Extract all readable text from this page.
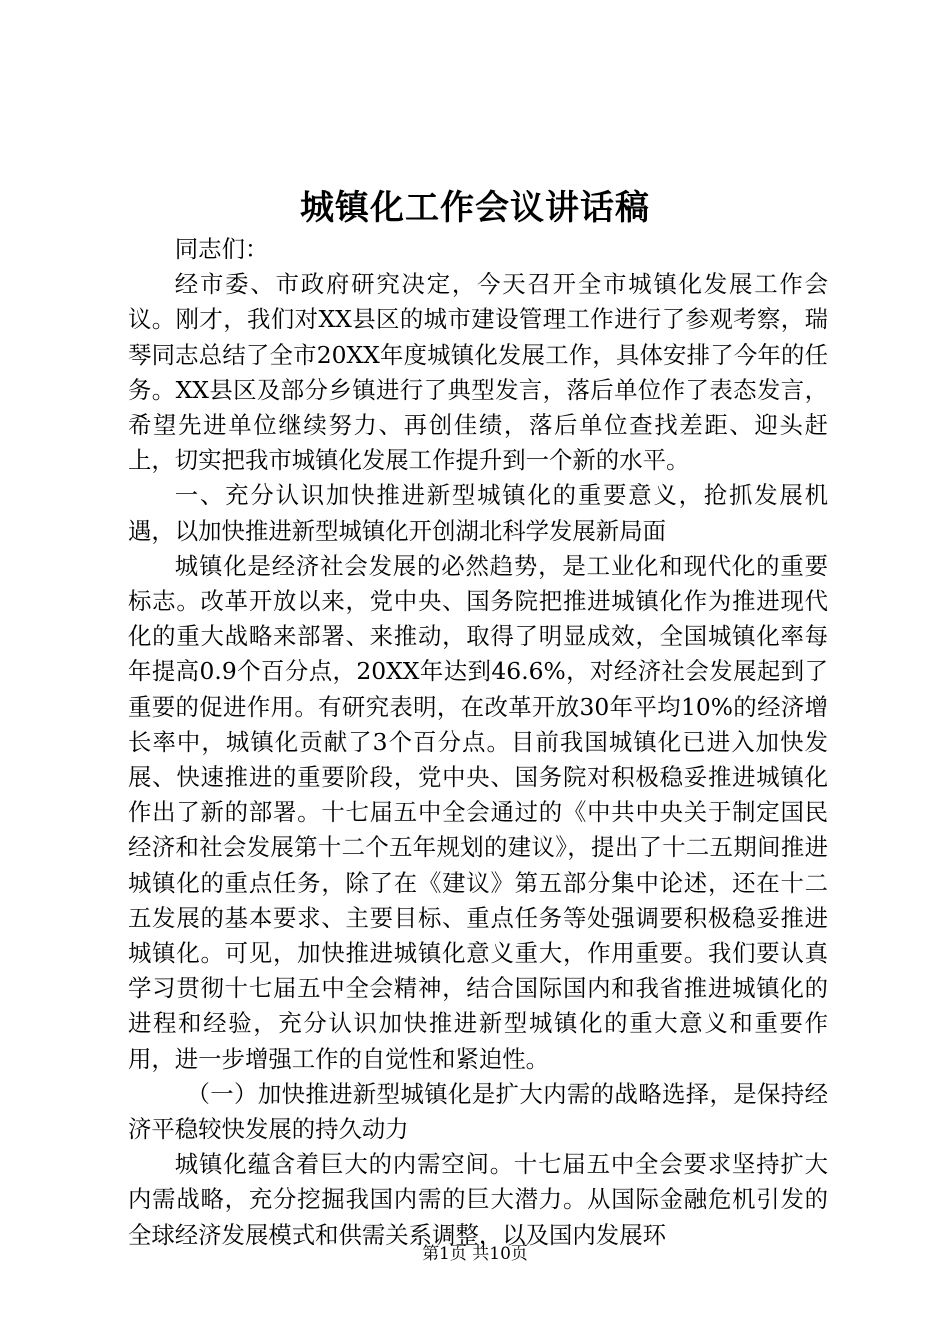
城镇化工作会议讲话稿

同志们：

经市委、市政府研究决定，今天召开全市城镇化发展工作会议。刚才，我们对XX县区的城市建设管理工作进行了参观考察，瑞琴同志总结了全市20XX年度城镇化发展工作，具体安排了今年的任务。XX县区及部分乡镇进行了典型发言，落后单位作了表态发言，希望先进单位继续努力、再创佳绩，落后单位查找差距、迎头赶上，切实把我市城镇化发展工作提升到一个新的水平。

一、充分认识加快推进新型城镇化的重要意义，抢抓发展机遇，以加快推进新型城镇化开创湖北科学发展新局面

城镇化是经济社会发展的必然趋势，是工业化和现代化的重要标志。改革开放以来，党中央、国务院把推进城镇化作为推进现代化的重大战略来部署、来推动，取得了明显成效，全国城镇化率每年提高0.9个百分点，20XX年达到46.6%，对经济社会发展起到了重要的促进作用。有研究表明，在改革开放30年平均10%的经济增长率中，城镇化贡献了3个百分点。目前我国城镇化已进入加快发展、快速推进的重要阶段，党中央、国务院对积极稳妥推进城镇化作出了新的部署。十七届五中全会通过的《中共中央关于制定国民经济和社会发展第十二个五年规划的建议》，提出了十二五期间推进城镇化的重点任务，除了在《建议》第五部分集中论述，还在十二五发展的基本要求、主要目标、重点任务等处强调要积极稳妥推进城镇化。可见，加快推进城镇化意义重大，作用重要。我们要认真学习贯彻十七届五中全会精神，结合国际国内和我省推进城镇化的进程和经验，充分认识加快推进新型城镇化的重大意义和重要作用，进一步增强工作的自觉性和紧迫性。

（一）加快推进新型城镇化是扩大内需的战略选择，是保持经济平稳较快发展的持久动力

城镇化蕴含着巨大的内需空间。十七届五中全会要求坚持扩大内需战略，充分挖掘我国内需的巨大潜力。从国际金融危机引发的全球经济发展模式和供需关系调整，以及国内发展环

第1页 共10页
